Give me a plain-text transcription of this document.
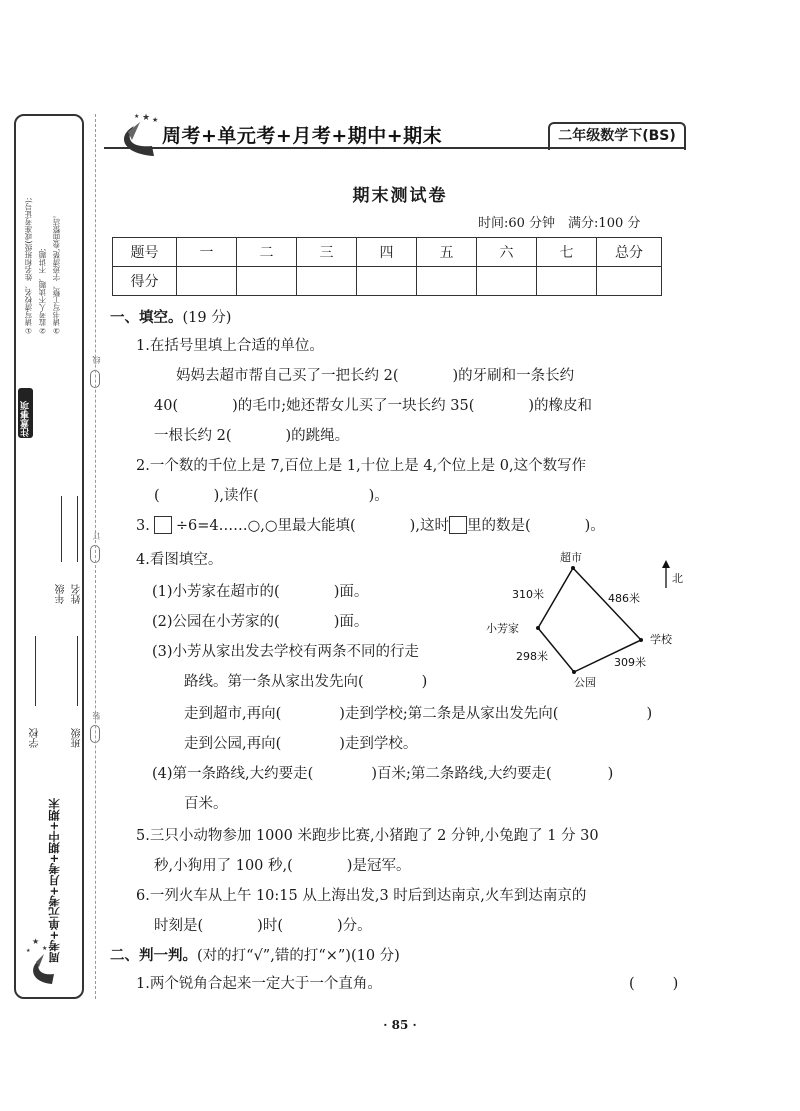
①请写清校名、姓名和班级(或准考证号); ②监考人不读题、不讲题; ③请书写工整、字迹清楚,卷面整洁。
注意事项
年级 姓名
学校	班级
周考+单元考+月考+期中+期末
★
★
★
线
订
装
★ ★
★
周考+单元考+月考+期中+期末	二年级数学下(BS)
期末测试卷
时间:60 分钟　满分:100 分
题号	一	二	三	四	五	六	七	总分
得分								
一、填空。(19 分)
1.在括号里填上合适的单位。
妈妈去超市帮自己买了一把长约 2(	)的牙刷和一条长约
40(	)的毛巾;她还帮女儿买了一块长约 35(	)的橡皮和
一根长约 2(	)的跳绳。
2.一个数的千位上是 7,百位上是 1,十位上是 4,个位上是 0,这个数写作
(	),读作(	)。
3. ÷6=4……○,○里最大能填(	),这时 里的数是(	)。
4.看图填空。
(1)小芳家在超市的(	)面。
(2)公园在小芳家的(	)面。
(3)小芳从家出发去学校有两条不同的行走
路线。第一条从家出发先向(	)
走到超市,再向(	)走到学校;第二条是从家出发先向(	)
走到公园,再向(	)走到学校。
(4)第一条路线,大约要走(	)百米;第二条路线,大约要走(	)
百米。
超市
小芳家
学校
公园
310米	486米
298米	309米
北
5.三只小动物参加 1000 米跑步比赛,小猪跑了 2 分钟,小兔跑了 1 分 30
秒,小狗用了 100 秒,(	)是冠军。
6.一列火车从上午 10:15 从上海出发,3 时后到达南京,火车到达南京的
时刻是(	)时(	)分。
二、判一判。(对的打“√”,错的打“×”)(10 分)
1.两个锐角合起来一定大于一个直角。	(	)
· 85 ·
